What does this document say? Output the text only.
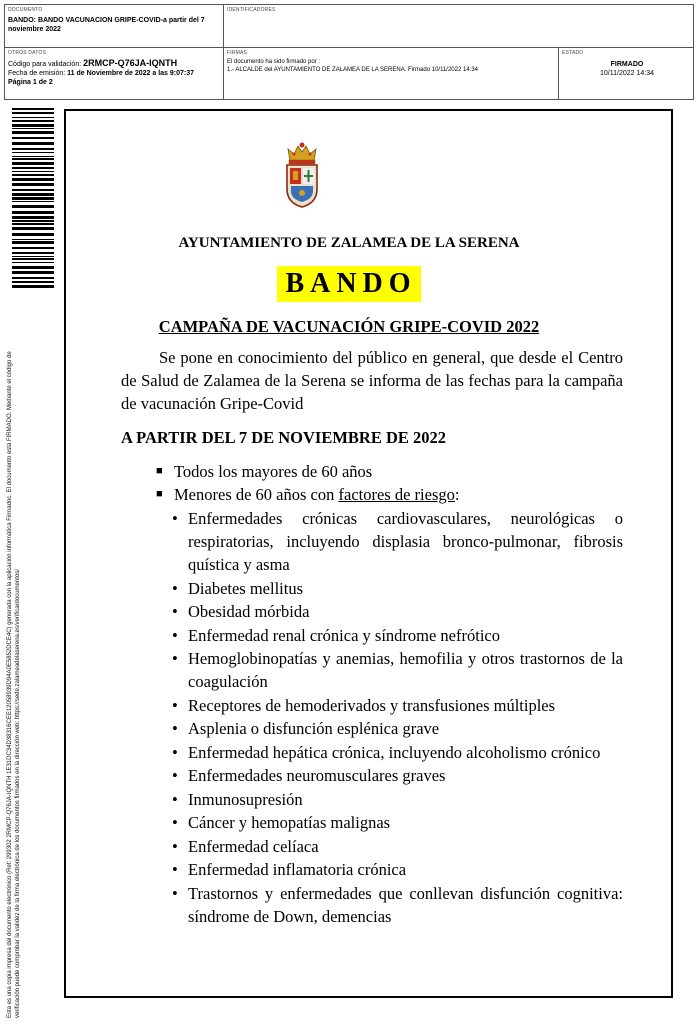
DOCUMENTO
BANDO: BANDO VACUNACION GRIPE-COVID-a partir del 7 noviembre 2022
IDENTIFICADORES
OTROS DATOS
Código para validación: 2RMCP-Q76JA-IQNTH
Fecha de emisión: 11 de Noviembre de 2022 a las 9:07:37
Página 1 de 2
FIRMAS
El documento ha sido firmado por :
1.- ALCALDE del AYUNTAMIENTO DE ZALAMEA DE LA SERENA. Firmado 10/11/2022 14:34
ESTADO
FIRMADO
10/11/2022 14:34
Esta es una copia impresa del documento electrónico (Ref: 299302 2RMCP-Q76JA-IQNTH 1E31DC34D38316CEE12058939D94A0E5852DCE4C) generada con la aplicación informática Firmadoc. El documento está FIRMADO. Mediante el código de verificación puede comprobar la validez de la firma electrónica de los documentos firmados en la dirección web: https://sede.zalameadelaserena.es/verificardocumentos/
AYUNTAMIENTO DE ZALAMEA DE LA SERENA
BANDO
CAMPAÑA DE VACUNACIÓN GRIPE-COVID 2022
Se pone en conocimiento del público en general, que desde el Centro de Salud de Zalamea de la Serena se informa de las fechas para la campaña de vacunación Gripe-Covid
A PARTIR DEL 7 DE NOVIEMBRE DE 2022
■ Todos los mayores de 60 años
■ Menores de 60 años con factores de riesgo:
• Enfermedades crónicas cardiovasculares, neurológicas o respiratorias, incluyendo displasia bronco-pulmonar, fibrosis quística y asma
• Diabetes mellitus
• Obesidad mórbida
• Enfermedad renal crónica y síndrome nefrótico
• Hemoglobinopatías y anemias, hemofilia y otros trastornos de la coagulación
• Receptores de hemoderivados y transfusiones múltiples
• Asplenia o disfunción esplénica grave
• Enfermedad hepática crónica, incluyendo alcoholismo crónico
• Enfermedades neuromusculares graves
• Inmunosupresión
• Cáncer y hemopatías malignas
• Enfermedad celíaca
• Enfermedad inflamatoria crónica
• Trastornos y enfermedades que conllevan disfunción cognitiva: síndrome de Down, demencias
